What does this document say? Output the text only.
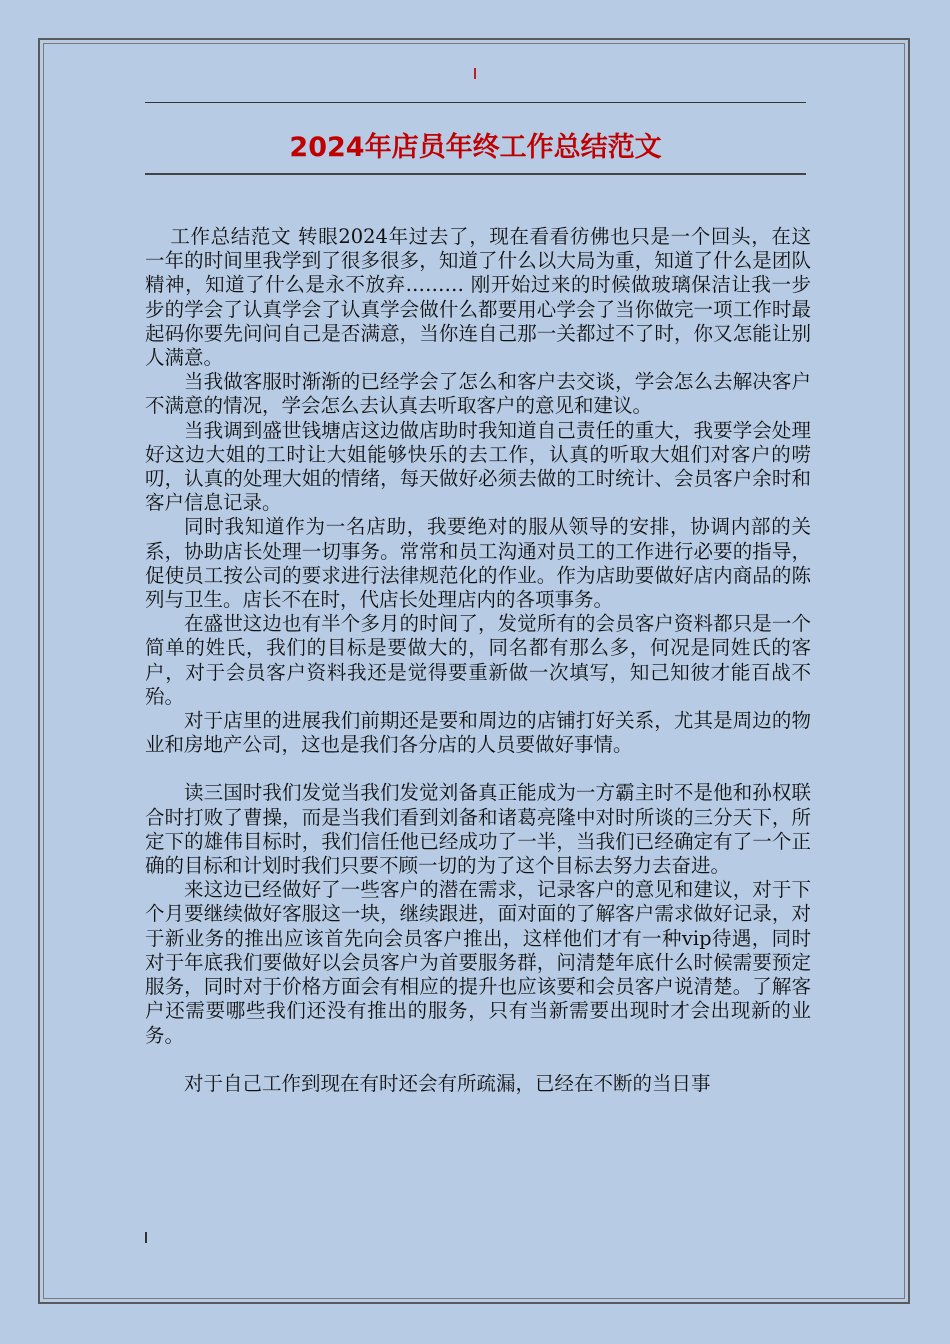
2024年店员年终工作总结范文

工作总结范文 转眼2024年过去了，现在看看彷佛也只是一个回头，在这一年的时间里我学到了很多很多，知道了什么以大局为重，知道了什么是团队精神，知道了什么是永不放弃……… 刚开始过来的时候做玻璃保洁让我一步步的学会了认真学会了认真学会做什么都要用心学会了当你做完一项工作时最起码你要先问问自己是否满意，当你连自己那一关都过不了时，你又怎能让别人满意。

当我做客服时渐渐的已经学会了怎么和客户去交谈，学会怎么去解决客户不满意的情况，学会怎么去认真去听取客户的意见和建议。

当我调到盛世钱塘店这边做店助时我知道自己责任的重大，我要学会处理好这边大姐的工时让大姐能够快乐的去工作，认真的听取大姐们对客户的唠叨，认真的处理大姐的情绪，每天做好必须去做的工时统计、会员客户余时和客户信息记录。

同时我知道作为一名店助，我要绝对的服从领导的安排，协调内部的关系，协助店长处理一切事务。常常和员工沟通对员工的工作进行必要的指导，促使员工按公司的要求进行法律规范化的作业。作为店助要做好店内商品的陈列与卫生。店长不在时，代店长处理店内的各项事务。

在盛世这边也有半个多月的时间了，发觉所有的会员客户资料都只是一个简单的姓氏，我们的目标是要做大的，同名都有那么多，何况是同姓氏的客户，对于会员客户资料我还是觉得要重新做一次填写，知己知彼才能百战不殆。

对于店里的进展我们前期还是要和周边的店铺打好关系，尤其是周边的物业和房地产公司，这也是我们各分店的人员要做好事情。

读三国时我们发觉当我们发觉刘备真正能成为一方霸主时不是他和孙权联合时打败了曹操，而是当我们看到刘备和诸葛亮隆中对时所谈的三分天下，所定下的雄伟目标时，我们信任他已经成功了一半，当我们已经确定有了一个正确的目标和计划时我们只要不顾一切的为了这个目标去努力去奋进。

来这边已经做好了一些客户的潜在需求，记录客户的意见和建议，对于下个月要继续做好客服这一块，继续跟进，面对面的了解客户需求做好记录，对于新业务的推出应该首先向会员客户推出，这样他们才有一种vip待遇，同时对于年底我们要做好以会员客户为首要服务群，问清楚年底什么时候需要预定服务，同时对于价格方面会有相应的提升也应该要和会员客户说清楚。了解客户还需要哪些我们还没有推出的服务，只有当新需要出现时才会出现新的业务。

对于自己工作到现在有时还会有所疏漏，已经在不断的当日事
